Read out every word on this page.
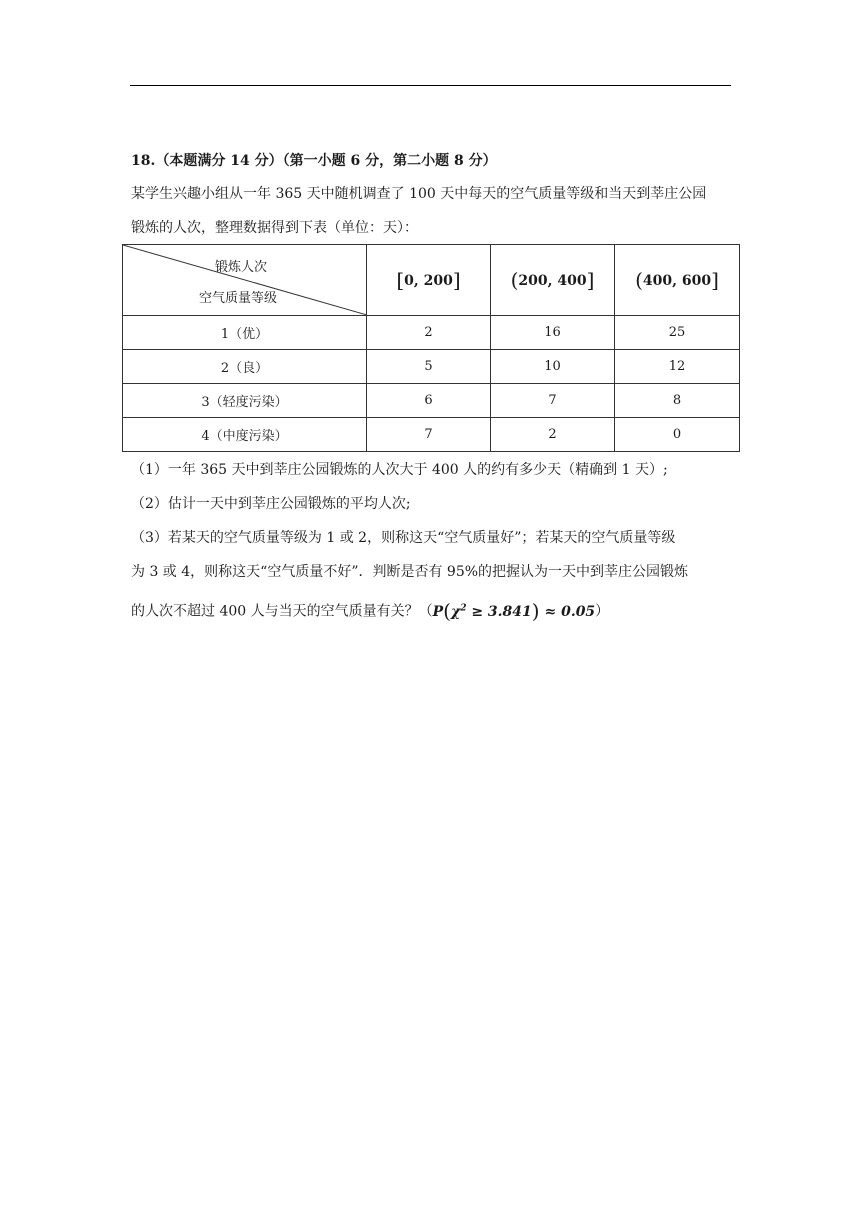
18.（本题满分 14 分）（第一小题 6 分，第二小题 8 分）
某学生兴趣小组从一年 365 天中随机调查了 100 天中每天的空气质量等级和当天到莘庄公园
锻炼的人次，整理数据得到下表（单位：天）：
锻炼人次
空气质量等级	[0, 200]	(200, 400]	(400, 600]
1（优）	2	16	25
2（良）	5	10	12
3（轻度污染）	6	7	8
4（中度污染）	7	2	0
（1）一年 365 天中到莘庄公园锻炼的人次大于 400 人的约有多少天（精确到 1 天）;
（2）估计一天中到莘庄公园锻炼的平均人次;
（3）若某天的空气质量等级为 1 或 2，则称这天“空气质量好”；若某天的空气质量等级
为 3 或 4，则称这天“空气质量不好”．判断是否有 95%的把握认为一天中到莘庄公园锻炼
的人次不超过 400 人与当天的空气质量有关？$(P(\chi^2 \ge 3.841) \approx 0.05)$
